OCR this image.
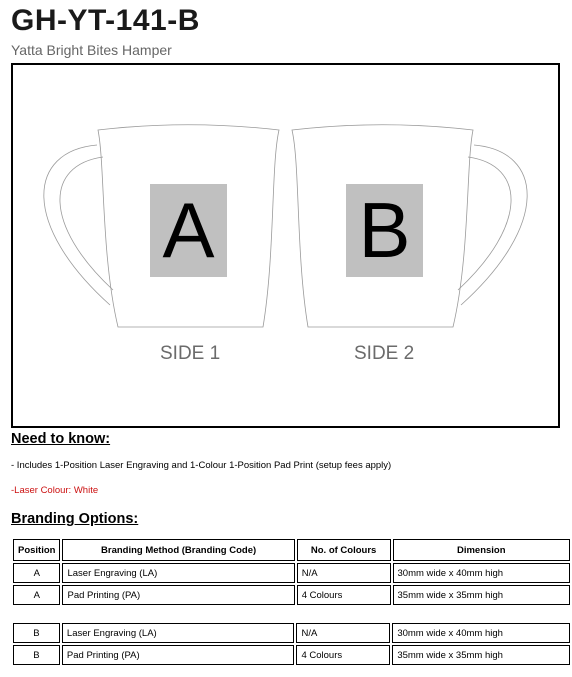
GH-YT-141-B
Yatta Bright Bites Hamper
A B
SIDE 1	SIDE 2
Need to know:
- Includes 1-Position Laser Engraving and 1-Colour 1-Position Pad Print (setup fees apply)
-Laser Colour: White
Branding Options:
Position	Branding Method (Branding Code)	No. of Colours	Dimension
A	Laser Engraving (LA)	N/A	30mm wide x 40mm high
A	Pad Printing (PA)	4 Colours	35mm wide x 35mm high
B	Laser Engraving (LA)	N/A	30mm wide x 40mm high
B	Pad Printing (PA)	4 Colours	35mm wide x 35mm high
